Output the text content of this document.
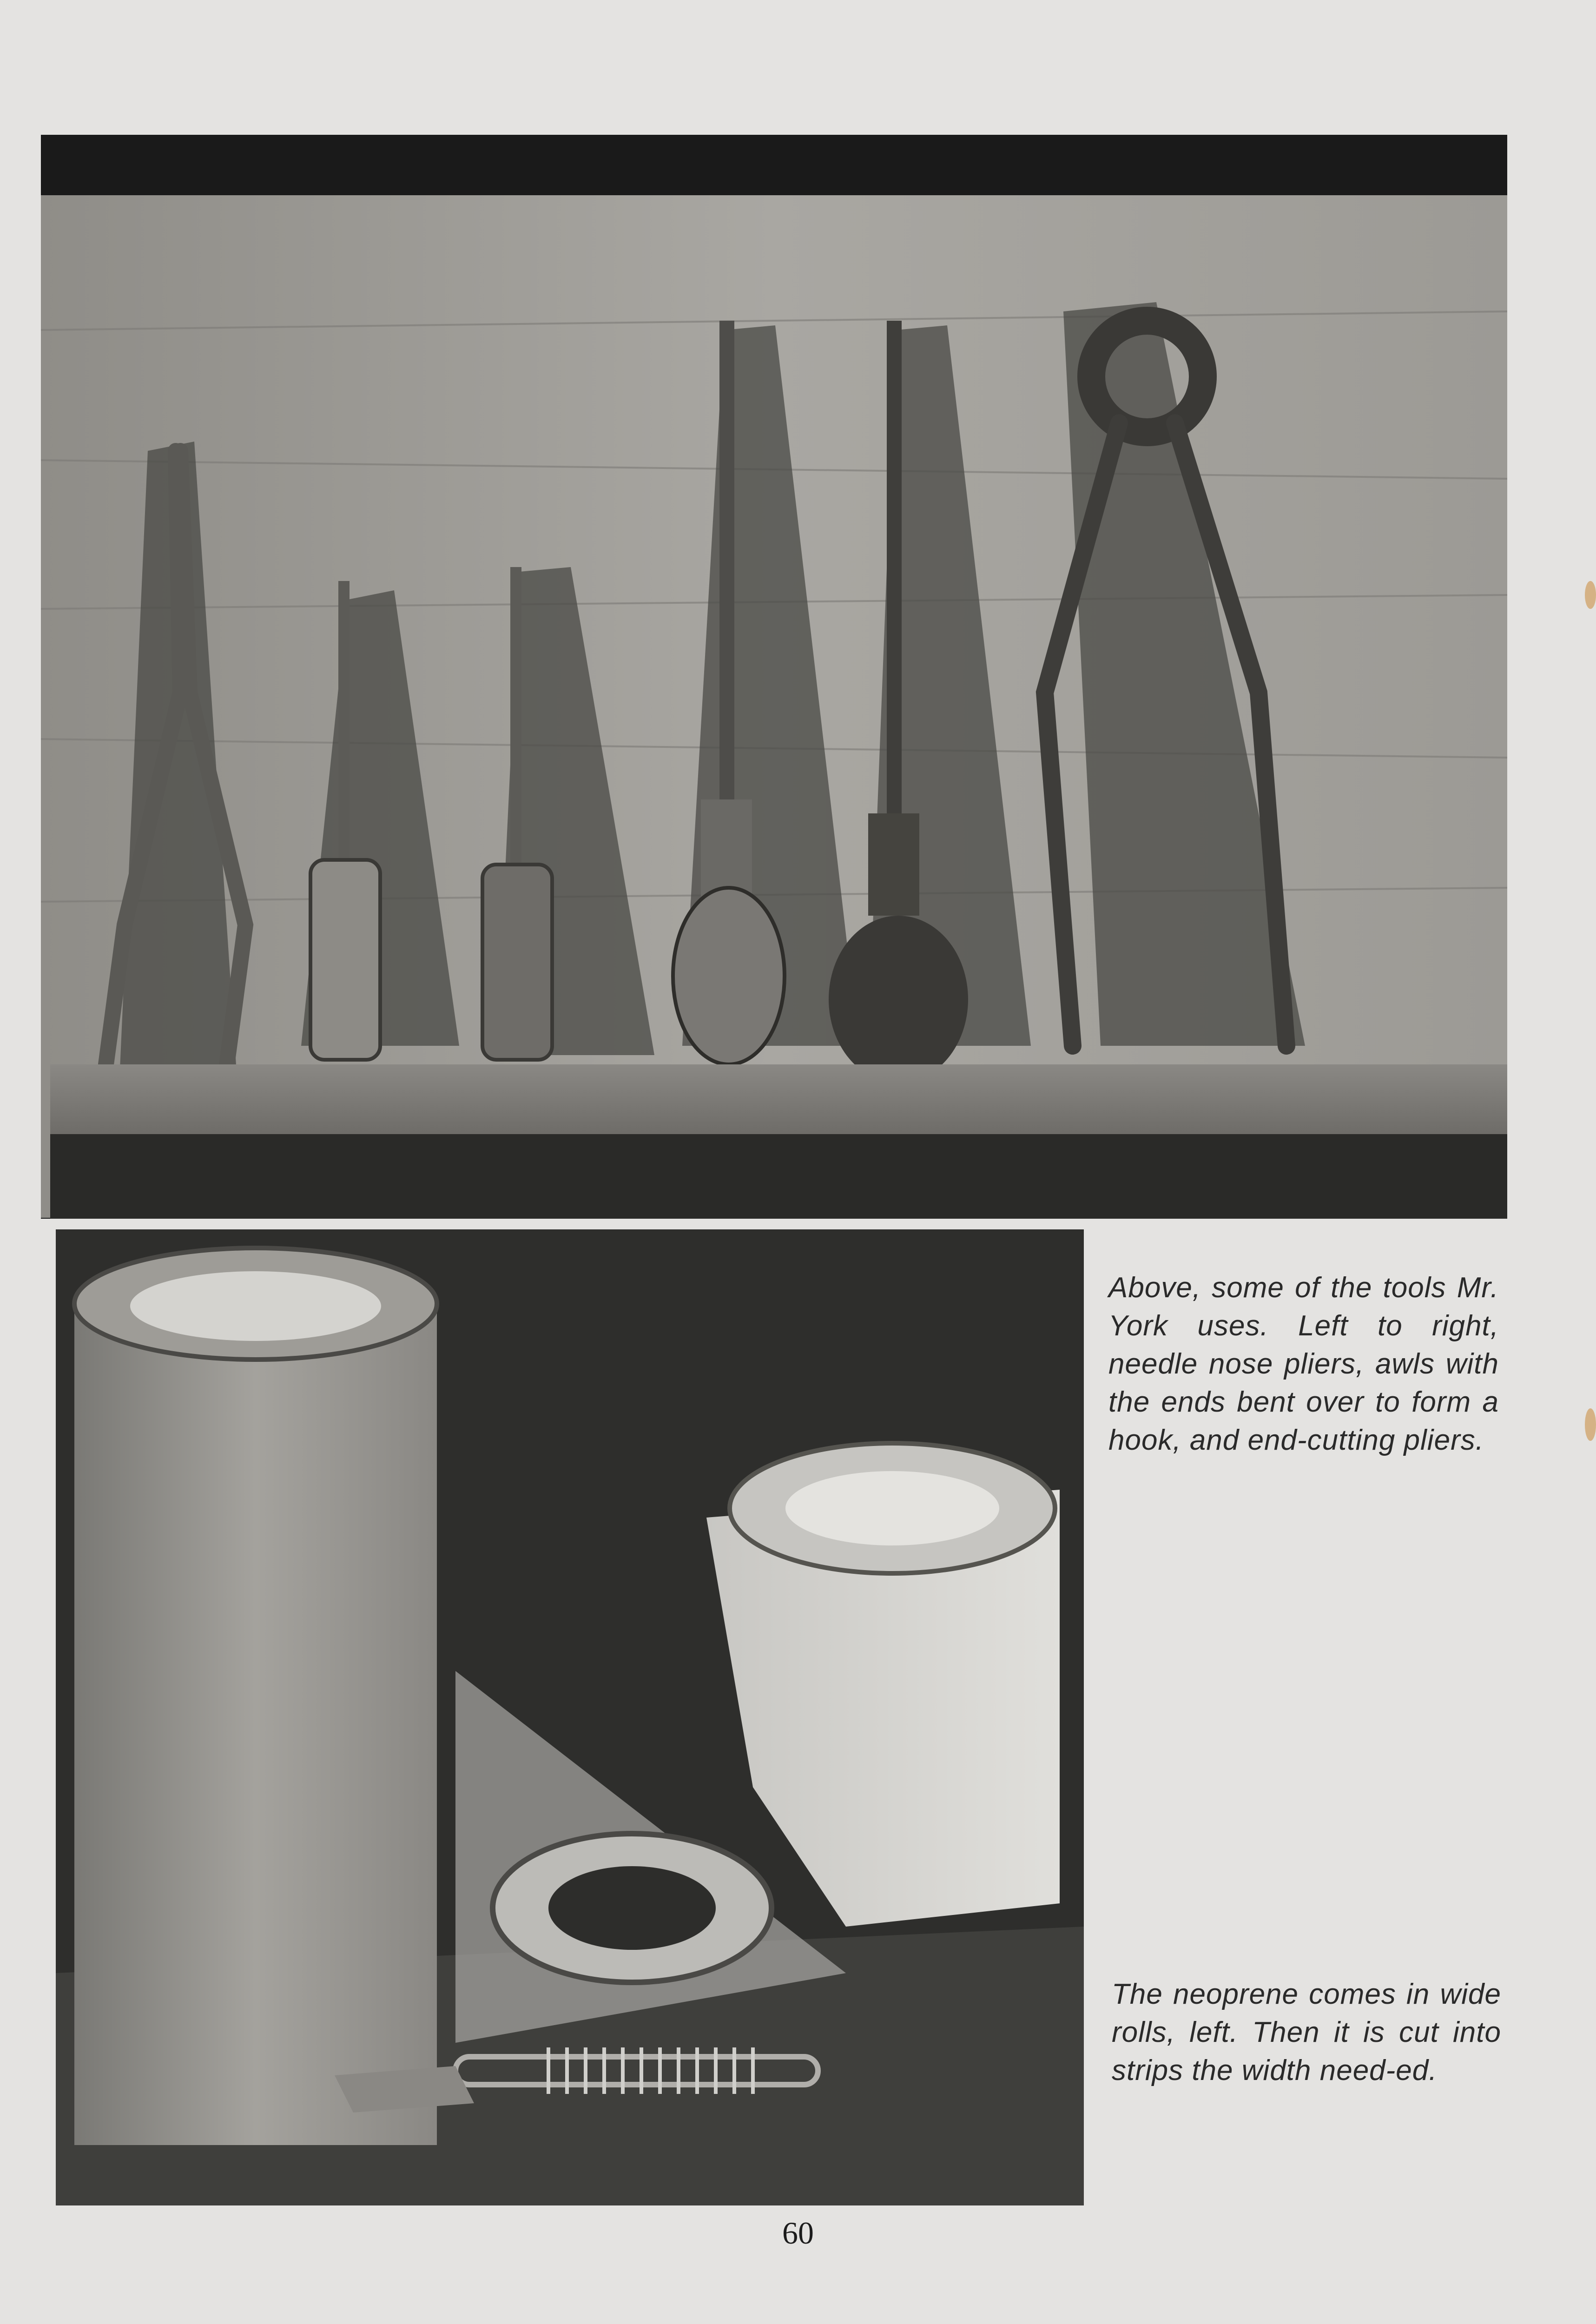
Above, some of the tools Mr. York uses. Left to right, needle nose pliers, awls with the ends bent over to form a hook, and end-cutting pliers.
The neoprene comes in wide rolls, left. Then it is cut into strips the width need-ed.
60
